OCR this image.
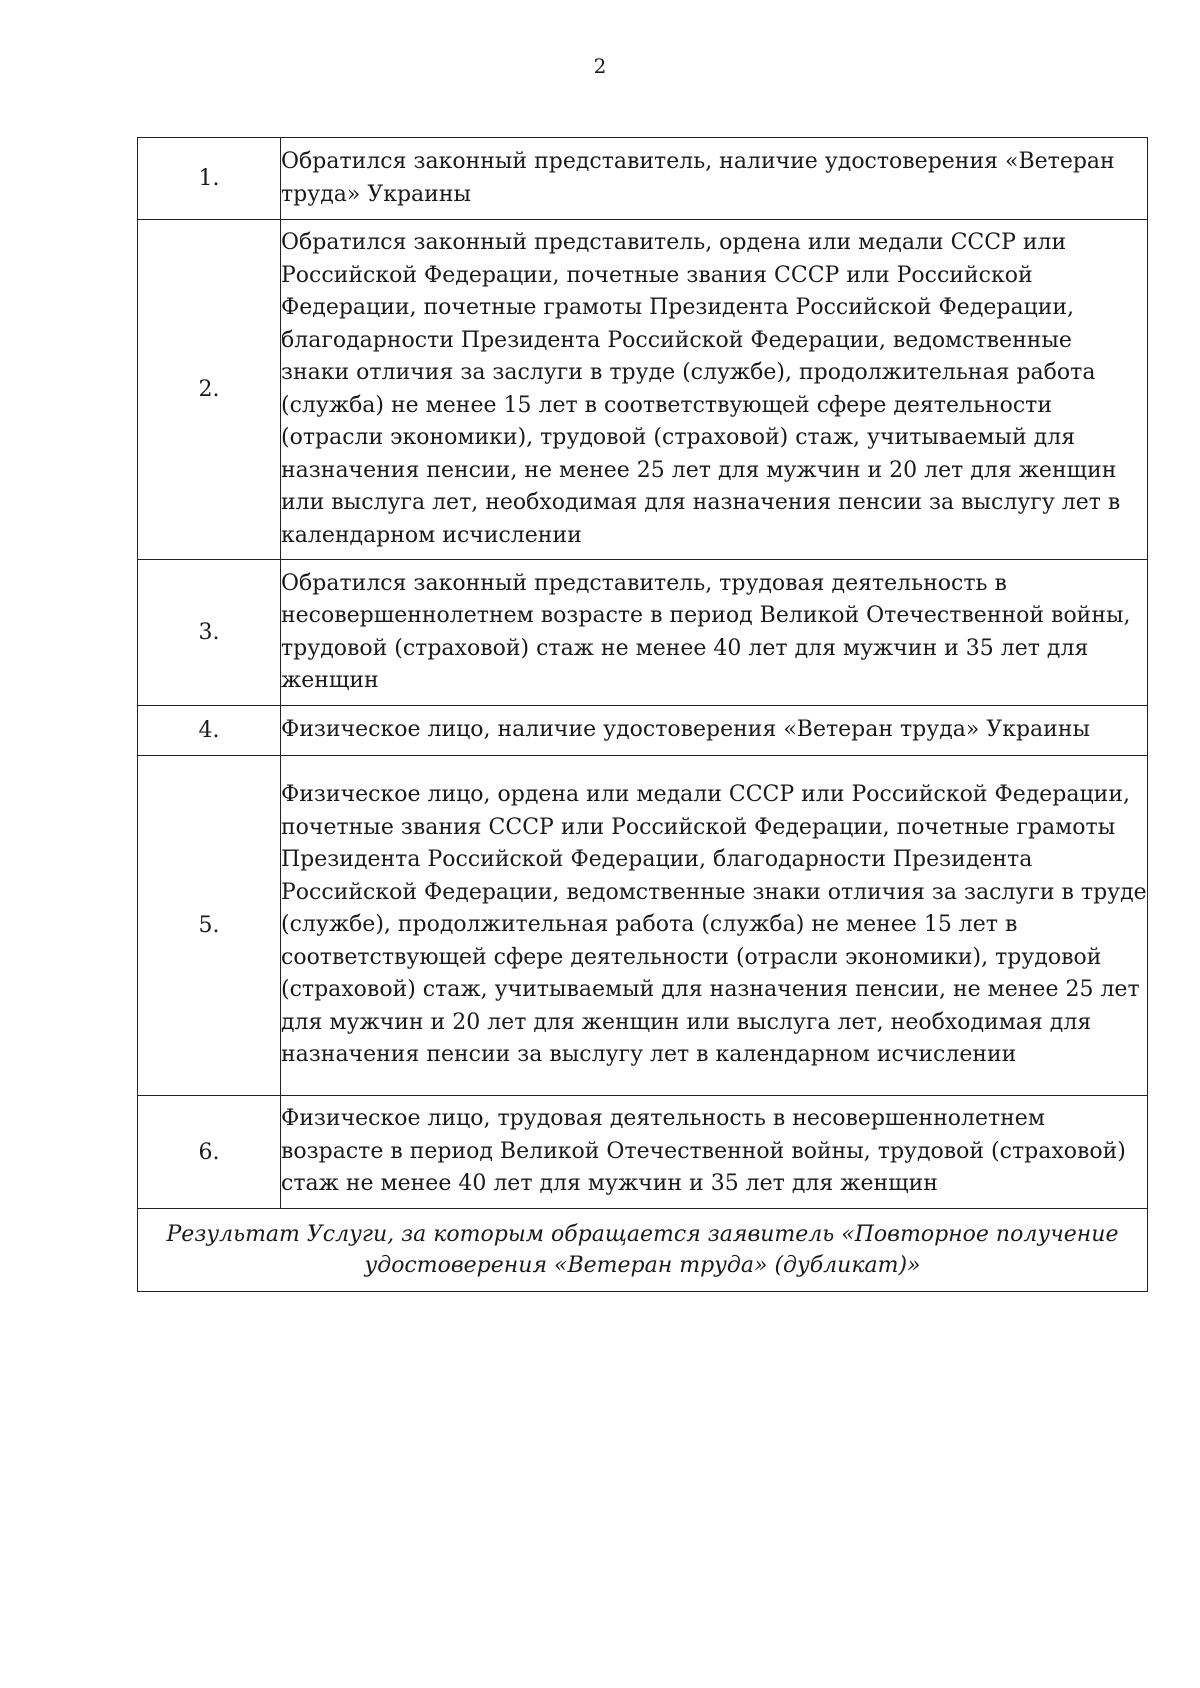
2
1.	Обратился законный представитель, наличие удостоверения «Ветеран труда» Украины
2.	Обратился законный представитель, ордена или медали СССР или Российской Федерации, почетные звания СССР или Российской Федерации, почетные грамоты Президента Российской Федерации, благодарности Президента Российской Федерации, ведомственные знаки отличия за заслуги в труде (службе), продолжительная работа (служба) не менее 15 лет в соответствующей сфере деятельности (отрасли экономики), трудовой (страховой) стаж, учитываемый для назначения пенсии, не менее 25 лет для мужчин и 20 лет для женщин или выслуга лет, необходимая для назначения пенсии за выслугу лет в календарном исчислении
3.	Обратился законный представитель, трудовая деятельность в несовершеннолетнем возрасте в период Великой Отечественной войны, трудовой (страховой) стаж не менее 40 лет для мужчин и 35 лет для женщин
4.	Физическое лицо, наличие удостоверения «Ветеран труда» Украины
5.	Физическое лицо, ордена или медали СССР или Российской Федерации, почетные звания СССР или Российской Федерации, почетные грамоты Президента Российской Федерации, благодарности Президента Российской Федерации, ведомственные знаки отличия за заслуги в труде (службе), продолжительная работа (служба) не менее 15 лет в соответствующей сфере деятельности (отрасли экономики), трудовой (страховой) стаж, учитываемый для назначения пенсии, не менее 25 лет для мужчин и 20 лет для женщин или выслуга лет, необходимая для назначения пенсии за выслугу лет в календарном исчислении
6.	Физическое лицо, трудовая деятельность в несовершеннолетнем возрасте в период Великой Отечественной войны, трудовой (страховой) стаж не менее 40 лет для мужчин и 35 лет для женщин
Результат Услуги, за которым обращается заявитель «Повторное получение удостоверения «Ветеран труда» (дубликат)»	
